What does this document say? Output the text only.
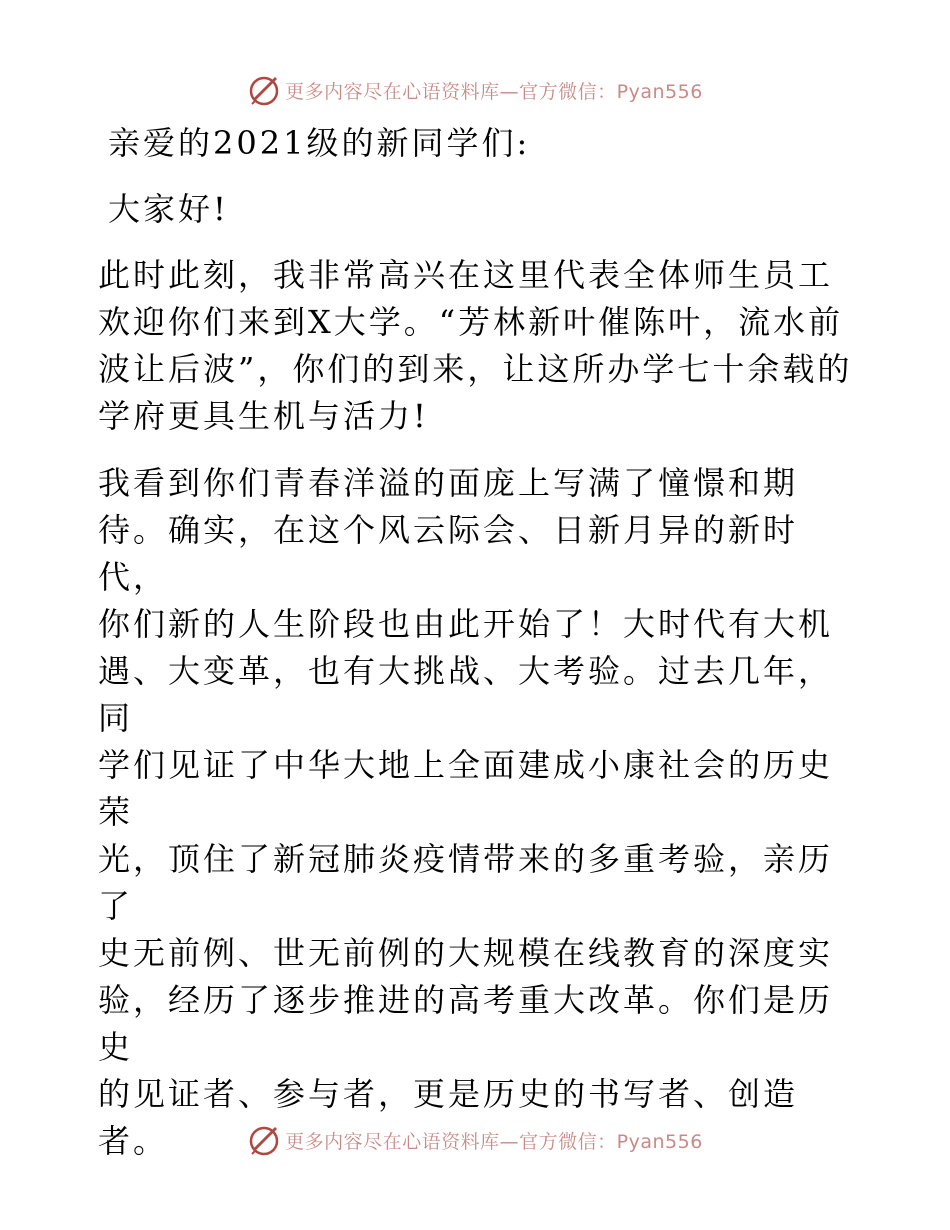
更多内容尽在心语资料库—官方微信：Pyan556

亲爱的2021级的新同学们:

大家好!

此时此刻，我非常高兴在这里代表全体师生员工
欢迎你们来到X大学。“芳林新叶催陈叶，流水前
波让后波”，你们的到来，让这所办学七十余载的
学府更具生机与活力!

我看到你们青春洋溢的面庞上写满了憧憬和期
待。确实，在这个风云际会、日新月异的新时代，
你们新的人生阶段也由此开始了！大时代有大机
遇、大变革，也有大挑战、大考验。过去几年，同
学们见证了中华大地上全面建成小康社会的历史荣
光，顶住了新冠肺炎疫情带来的多重考验，亲历了
史无前例、世无前例的大规模在线教育的深度实
验，经历了逐步推进的高考重大改革。你们是历史
的见证者、参与者，更是历史的书写者、创造者。	更多内容尽在心语资料库—官方微信：Pyan556
